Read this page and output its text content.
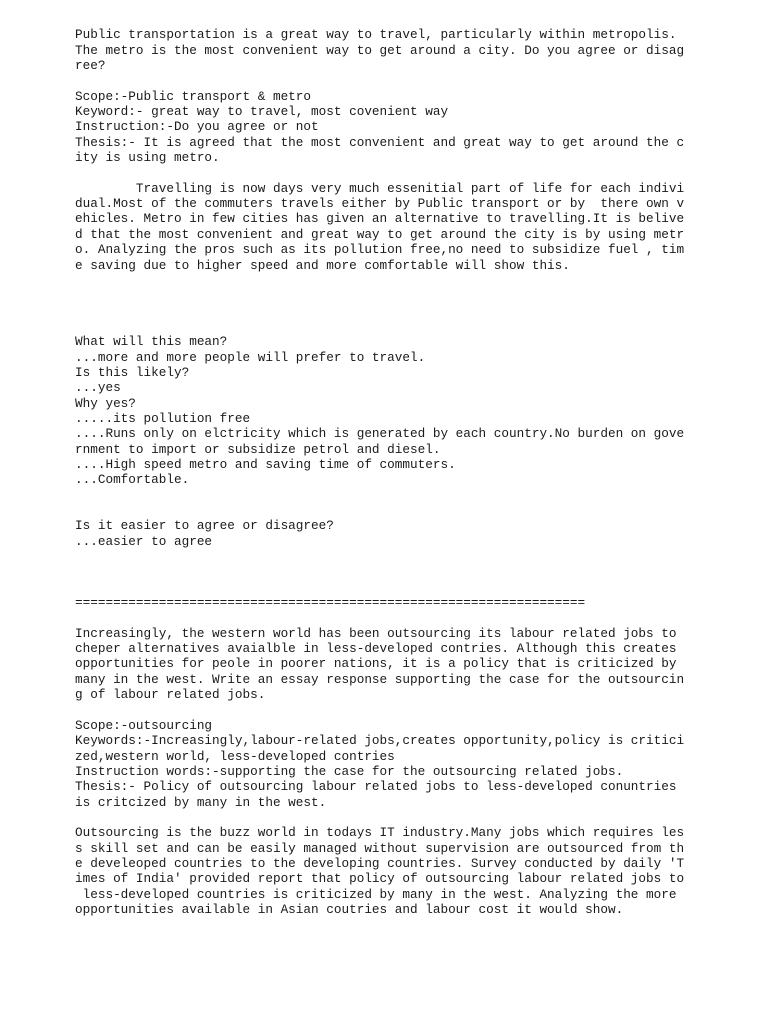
Public transportation is a great way to travel, particularly within metropolis.
The metro is the most convenient way to get around a city. Do you agree or disag
ree?

Scope:-Public transport & metro
Keyword:- great way to travel, most covenient way
Instruction:-Do you agree or not
Thesis:- It is agreed that the most convenient and great way to get around the c
ity is using metro.

Travelling is now days very much essenitial part of life for each indivi
dual.Most of the commuters travels either by Public transport or by  there own v
ehicles. Metro in few cities has given an alternative to travelling.It is belive
d that the most convenient and great way to get around the city is by using metr
o. Analyzing the pros such as its pollution free,no need to subsidize fuel , tim
e saving due to higher speed and more comfortable will show this.

What will this mean?
...more and more people will prefer to travel.
Is this likely?
...yes
Why yes?
.....its pollution free
....Runs only on elctricity which is generated by each country.No burden on gove
rnment to import or subsidize petrol and diesel.
....High speed metro and saving time of commuters.
...Comfortable.

Is it easier to agree or disagree?
...easier to agree

===================================================================

Increasingly, the western world has been outsourcing its labour related jobs to
cheper alternatives avaialble in less-developed contries. Although this creates
opportunities for peole in poorer nations, it is a policy that is criticized by
many in the west. Write an essay response supporting the case for the outsourcin
g of labour related jobs.

Scope:-outsourcing
Keywords:-Increasingly,labour-related jobs,creates opportunity,policy is critici
zed,western world, less-developed contries
Instruction words:-supporting the case for the outsourcing related jobs.
Thesis:- Policy of outsourcing labour related jobs to less-developed conuntries
is critcized by many in the west.

Outsourcing is the buzz world in todays IT industry.Many jobs which requires les
s skill set and can be easily managed without supervision are outsourced from th
e develeoped countries to the developing countries. Survey conducted by daily 'T
imes of India' provided report that policy of outsourcing labour related jobs to
less-developed countries is criticized by many in the west. Analyzing the more
opportunities available in Asian coutries and labour cost it would show.
